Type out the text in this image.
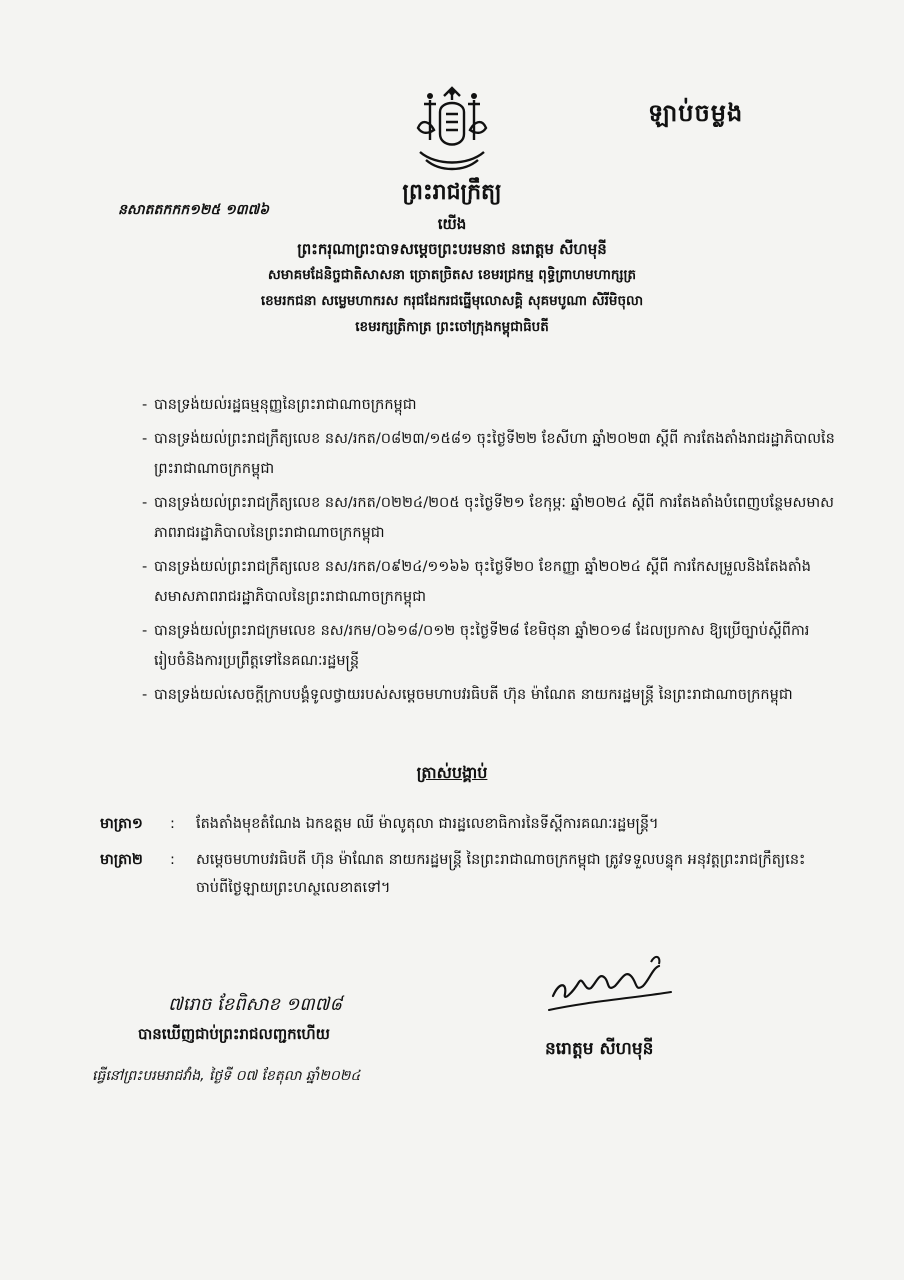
ឡាប់ចម្លង
នសាតតកកក១២៥ ១៣៧៦
ព្រះរាជក្រឹត្យ
យើង
ព្រះករុណាព្រះបាទសម្តេចព្រះបរមនាថ នរោត្តម សីហមុនី
សមាគមដែនិច្ចជាតិសាសនា ច្រោតច្រិតស ខេមរជ្រកម្ម ពុទ្ធិព្រាហមហាក្សត្រ
ខេមរកជនា សម្លេមហាករស ករុជដែករជធ្នើមុលោសគ្គិ សុគមបូណា សិរីមិចុលា
ខេមរក្សត្រិកាត្រ ព្រះចៅក្រុងកម្ពុជាធិបតី
- បានទ្រង់យល់រដ្ឋធម្មនុញ្ញនៃព្រះរាជាណាចក្រកម្ពុជា
- បានទ្រង់យល់ព្រះរាជក្រឹត្យលេខ នស/រកត/០៨២៣/១៥៨១ ចុះថ្ងៃទី២២ ខែសីហា ឆ្នាំ២០២៣ ស្តីពី ការតែងតាំងរាជរដ្ឋាភិបាលនៃព្រះរាជាណាចក្រកម្ពុជា
- បានទ្រង់យល់ព្រះរាជក្រឹត្យលេខ នស/រកត/០២២៤/២០៥ ចុះថ្ងៃទី២១ ខែកុម្ភៈ ឆ្នាំ២០២៤ ស្តីពី ការតែងតាំងបំពេញបន្ថែមសមាសភាពរាជរដ្ឋាភិបាលនៃព្រះរាជាណាចក្រកម្ពុជា
- បានទ្រង់យល់ព្រះរាជក្រឹត្យលេខ នស/រកត/០៩២៤/១១៦៦ ចុះថ្ងៃទី២០ ខែកញ្ញា ឆ្នាំ២០២៤ ស្តីពី ការកែសម្រួលនិងតែងតាំងសមាសភាពរាជរដ្ឋាភិបាលនៃព្រះរាជាណាចក្រកម្ពុជា
- បានទ្រង់យល់ព្រះរាជក្រមលេខ នស/រកម/០៦១៨/០១២ ចុះថ្ងៃទី២៨ ខែមិថុនា ឆ្នាំ២០១៨ ដែលប្រកាស ឱ្យប្រើច្បាប់ស្តីពីការរៀបចំនិងការប្រព្រឹត្តទៅនៃគណៈរដ្ឋមន្ត្រី
- បានទ្រង់យល់សេចក្តីក្រាបបង្គំទូលថ្វាយរបស់សម្តេចមហាបវរធិបតី ហ៊ុន ម៉ាណែត នាយករដ្ឋមន្ត្រី នៃព្រះរាជាណាចក្រកម្ពុជា
ត្រាស់បង្គាប់
មាត្រា១	:	តែងតាំងមុខតំណែង ឯកឧត្តម ឈី ម៉ាលូតុលា ជារដ្ឋលេខាធិការនៃទីស្តីការគណៈរដ្ឋមន្ត្រី។
មាត្រា២	:	សម្តេចមហាបវរធិបតី ហ៊ុន ម៉ាណែត នាយករដ្ឋមន្ត្រី នៃព្រះរាជាណាចក្រកម្ពុជា ត្រូវទទួលបន្ទុក អនុវត្តព្រះរាជក្រឹត្យនេះ ចាប់ពីថ្ងៃឡាយព្រះហស្ថលេខាតទៅ។
នរោត្តម សីហមុនី
៧រោច ខែពិសាខ ១៣៧៨
បានឃើញជាប់ព្រះរាជលញ្ជកហើយ
ធ្វើនៅព្រះបរមរាជវាំង, ថ្ងៃទី ០៧ ខែតុលា ឆ្នាំ២០២៤
